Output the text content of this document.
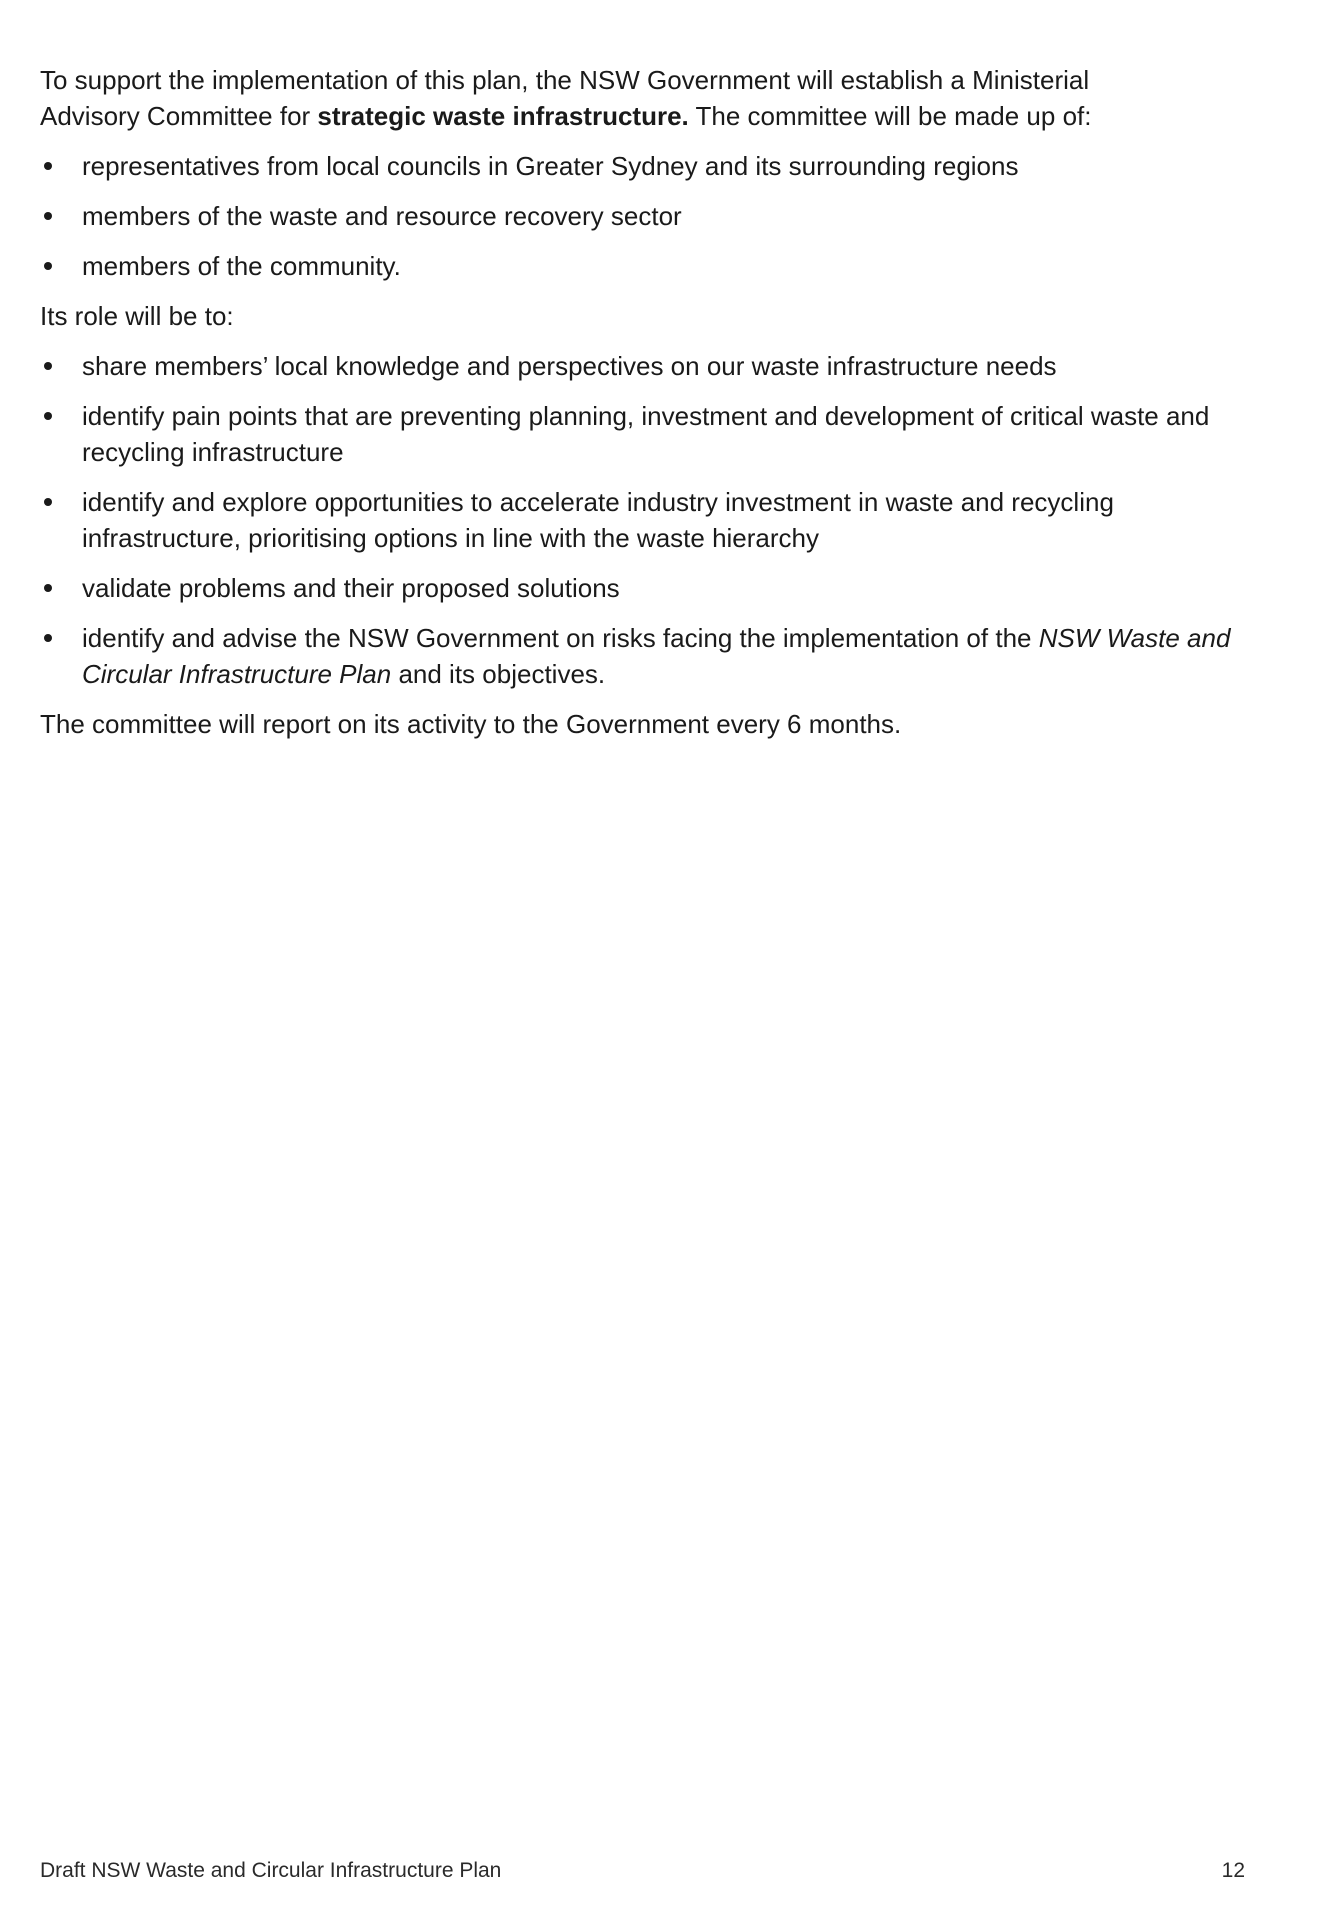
To support the implementation of this plan, the NSW Government will establish a Ministerial
Advisory Committee for strategic waste infrastructure. The committee will be made up of:

representatives from local councils in Greater Sydney and its surrounding regions
members of the waste and resource recovery sector
members of the community.

Its role will be to:

share members’ local knowledge and perspectives on our waste infrastructure needs
identify pain points that are preventing planning, investment and development of critical waste and recycling infrastructure
identify and explore opportunities to accelerate industry investment in waste and recycling infrastructure, prioritising options in line with the waste hierarchy
validate problems and their proposed solutions
identify and advise the NSW Government on risks facing the implementation of the NSW Waste and Circular Infrastructure Plan and its objectives.

The committee will report on its activity to the Government every 6 months.

Draft NSW Waste and Circular Infrastructure Plan	12
